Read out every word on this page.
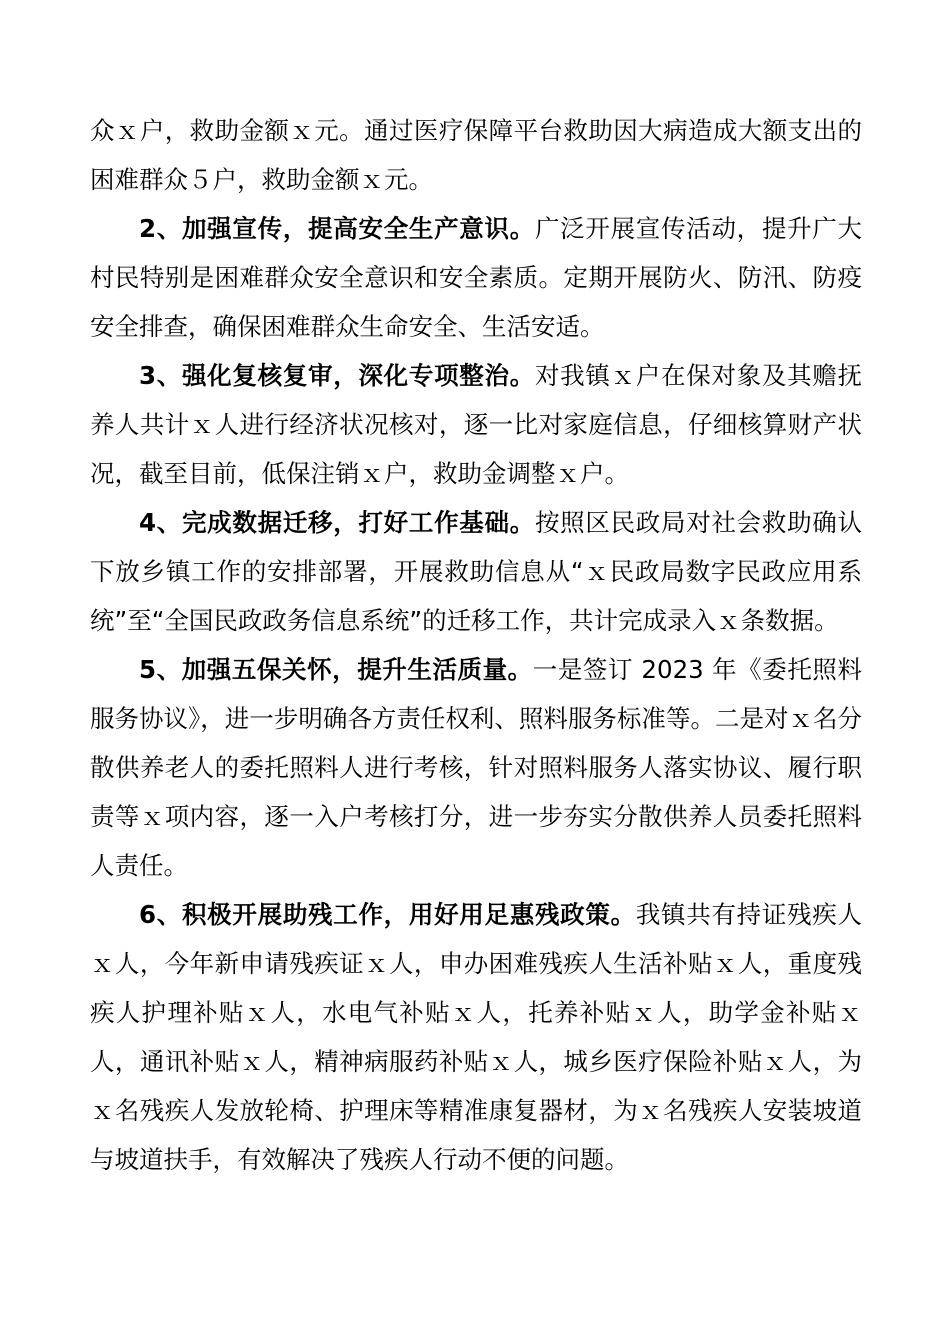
众ｘ户，救助金额ｘ元。通过医疗保障平台救助因大病造成大额支出的困难群众５户，救助金额ｘ元。

2、加强宣传，提高安全生产意识。广泛开展宣传活动，提升广大村民特别是困难群众安全意识和安全素质。定期开展防火、防汛、防疫安全排查，确保困难群众生命安全、生活安适。

3、强化复核复审，深化专项整治。对我镇ｘ户在保对象及其赡抚养人共计ｘ人进行经济状况核对，逐一比对家庭信息，仔细核算财产状况，截至目前，低保注销ｘ户，救助金调整ｘ户。

4、完成数据迁移，打好工作基础。按照区民政局对社会救助确认下放乡镇工作的安排部署，开展救助信息从“ｘ民政局数字民政应用系统”至“全国民政政务信息系统”的迁移工作，共计完成录入ｘ条数据。

5、加强五保关怀，提升生活质量。一是签订 2023 年《委托照料服务协议》，进一步明确各方责任权利、照料服务标准等。二是对ｘ名分散供养老人的委托照料人进行考核，针对照料服务人落实协议、履行职责等ｘ项内容，逐一入户考核打分，进一步夯实分散供养人员委托照料人责任。

6、积极开展助残工作，用好用足惠残政策。我镇共有持证残疾人ｘ人，今年新申请残疾证ｘ人，申办困难残疾人生活补贴ｘ人，重度残疾人护理补贴ｘ人，水电气补贴ｘ人，托养补贴ｘ人，助学金补贴ｘ人，通讯补贴ｘ人，精神病服药补贴ｘ人，城乡医疗保险补贴ｘ人，为ｘ名残疾人发放轮椅、护理床等精准康复器材，为ｘ名残疾人安装坡道与坡道扶手，有效解决了残疾人行动不便的问题。
